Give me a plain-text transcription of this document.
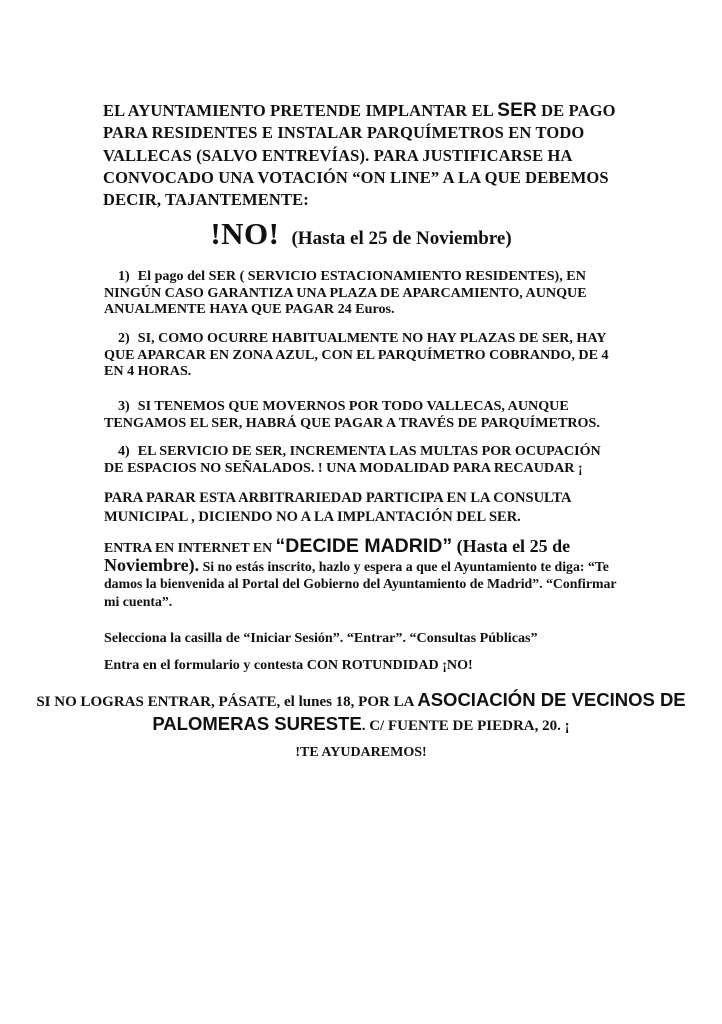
EL AYUNTAMIENTO PRETENDE IMPLANTAR EL SER DE PAGO PARA RESIDENTES E INSTALAR PARQUÍMETROS EN TODO VALLECAS (SALVO ENTREVÍAS). PARA JUSTIFICARSE HA CONVOCADO UNA VOTACIÓN “ON LINE” A LA QUE DEBEMOS DECIR, TAJANTEMENTE:
!NO! (Hasta el 25 de Noviembre)
1) El pago del SER ( SERVICIO ESTACIONAMIENTO RESIDENTES), EN NINGÚN CASO GARANTIZA UNA PLAZA DE APARCAMIENTO, AUNQUE ANUALMENTE HAYA QUE PAGAR 24 Euros.
2) SI, COMO OCURRE HABITUALMENTE NO HAY PLAZAS DE SER, HAY QUE APARCAR EN ZONA AZUL, CON EL PARQUÍMETRO COBRANDO, DE 4 EN 4 HORAS.
3) SI TENEMOS QUE MOVERNOS POR TODO VALLECAS, AUNQUE TENGAMOS EL SER, HABRÁ QUE PAGAR A TRAVÉS DE PARQUÍMETROS.
4) EL SERVICIO DE SER, INCREMENTA LAS MULTAS POR OCUPACIÓN DE ESPACIOS NO SEÑALADOS. ! UNA MODALIDAD PARA RECAUDAR ¡
PARA PARAR ESTA ARBITRARIEDAD PARTICIPA EN LA CONSULTA MUNICIPAL , DICIENDO NO A LA IMPLANTACIÓN DEL SER.
ENTRA EN INTERNET EN “DECIDE MADRID” (Hasta el 25 de Noviembre). Si no estás inscrito, hazlo y espera a que el Ayuntamiento te diga: “Te damos la bienvenida al Portal del Gobierno del Ayuntamiento de Madrid”. “Confirmar mi cuenta”.
Selecciona la casilla de “Iniciar Sesión”. “Entrar”. “Consultas Públicas”
Entra en el formulario y contesta CON ROTUNDIDAD ¡NO!
SI NO LOGRAS ENTRAR, PÁSATE, el lunes 18, POR LA ASOCIACIÓN DE VECINOS DE PALOMERAS SURESTE. C/ FUENTE DE PIEDRA, 20. ¡
!TE AYUDAREMOS!
